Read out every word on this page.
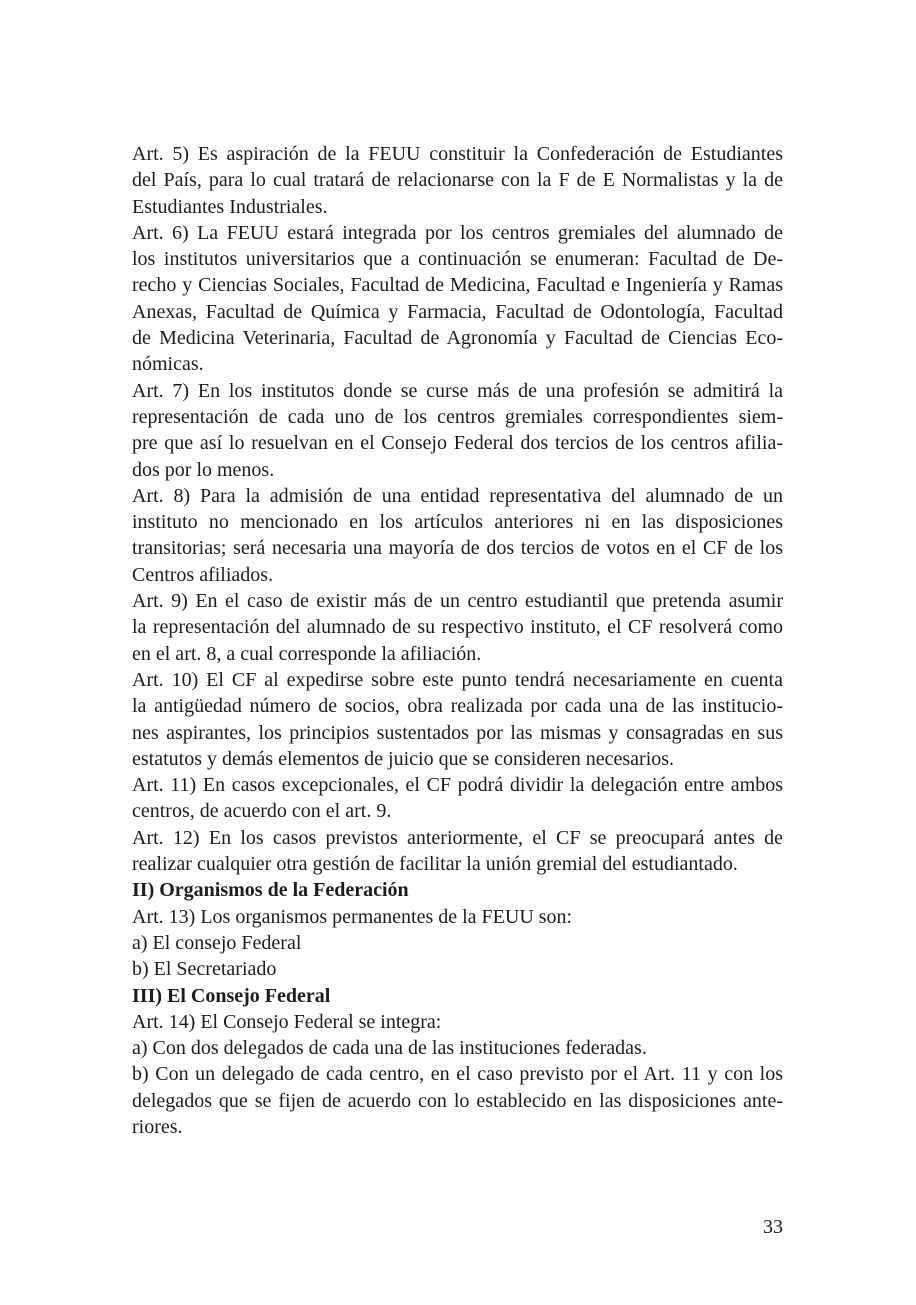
Art. 5) Es aspiración de la FEUU constituir la Confederación de Estudiantes
del País, para lo cual tratará de relacionarse con la F de E Normalistas y la de
Estudiantes Industriales.
Art. 6) La FEUU estará integrada por los centros gremiales del alumnado de
los institutos universitarios que a continuación se enumeran: Facultad de De-
recho y Ciencias Sociales, Facultad de Medicina, Facultad e Ingeniería y Ramas
Anexas, Facultad de Química y Farmacia, Facultad de Odontología, Facultad
de Medicina Veterinaria, Facultad de Agronomía y Facultad de Ciencias Eco-
nómicas.
Art. 7) En los institutos donde se curse más de una profesión se admitirá la
representación de cada uno de los centros gremiales correspondientes siem-
pre que así lo resuelvan en el Consejo Federal dos tercios de los centros afilia-
dos por lo menos.
Art. 8) Para la admisión de una entidad representativa del alumnado de un
instituto no mencionado en los artículos anteriores ni en las disposiciones
transitorias; será necesaria una mayoría de dos tercios de votos en el CF de los
Centros afiliados.
Art. 9) En el caso de existir más de un centro estudiantil que pretenda asumir
la representación del alumnado de su respectivo instituto, el CF resolverá como
en el art. 8, a cual corresponde la afiliación.
Art. 10) El CF al expedirse sobre este punto tendrá necesariamente en cuenta
la antigüedad número de socios, obra realizada por cada una de las institucio-
nes aspirantes, los principios sustentados por las mismas y consagradas en sus
estatutos y demás elementos de juicio que se consideren necesarios.
Art. 11) En casos excepcionales, el CF podrá dividir la delegación entre ambos
centros, de acuerdo con el art. 9.
Art. 12) En los casos previstos anteriormente, el CF se preocupará antes de
realizar cualquier otra gestión de facilitar la unión gremial del estudiantado.
II) Organismos de la Federación
Art. 13) Los organismos permanentes de la FEUU son:
a) El consejo Federal
b) El Secretariado
III) El Consejo Federal
Art. 14) El Consejo Federal se integra:
a) Con dos delegados de cada una de las instituciones federadas.
b) Con un delegado de cada centro, en el caso previsto por el Art. 11 y con los
delegados que se fijen de acuerdo con lo establecido en las disposiciones ante-
riores.
33
